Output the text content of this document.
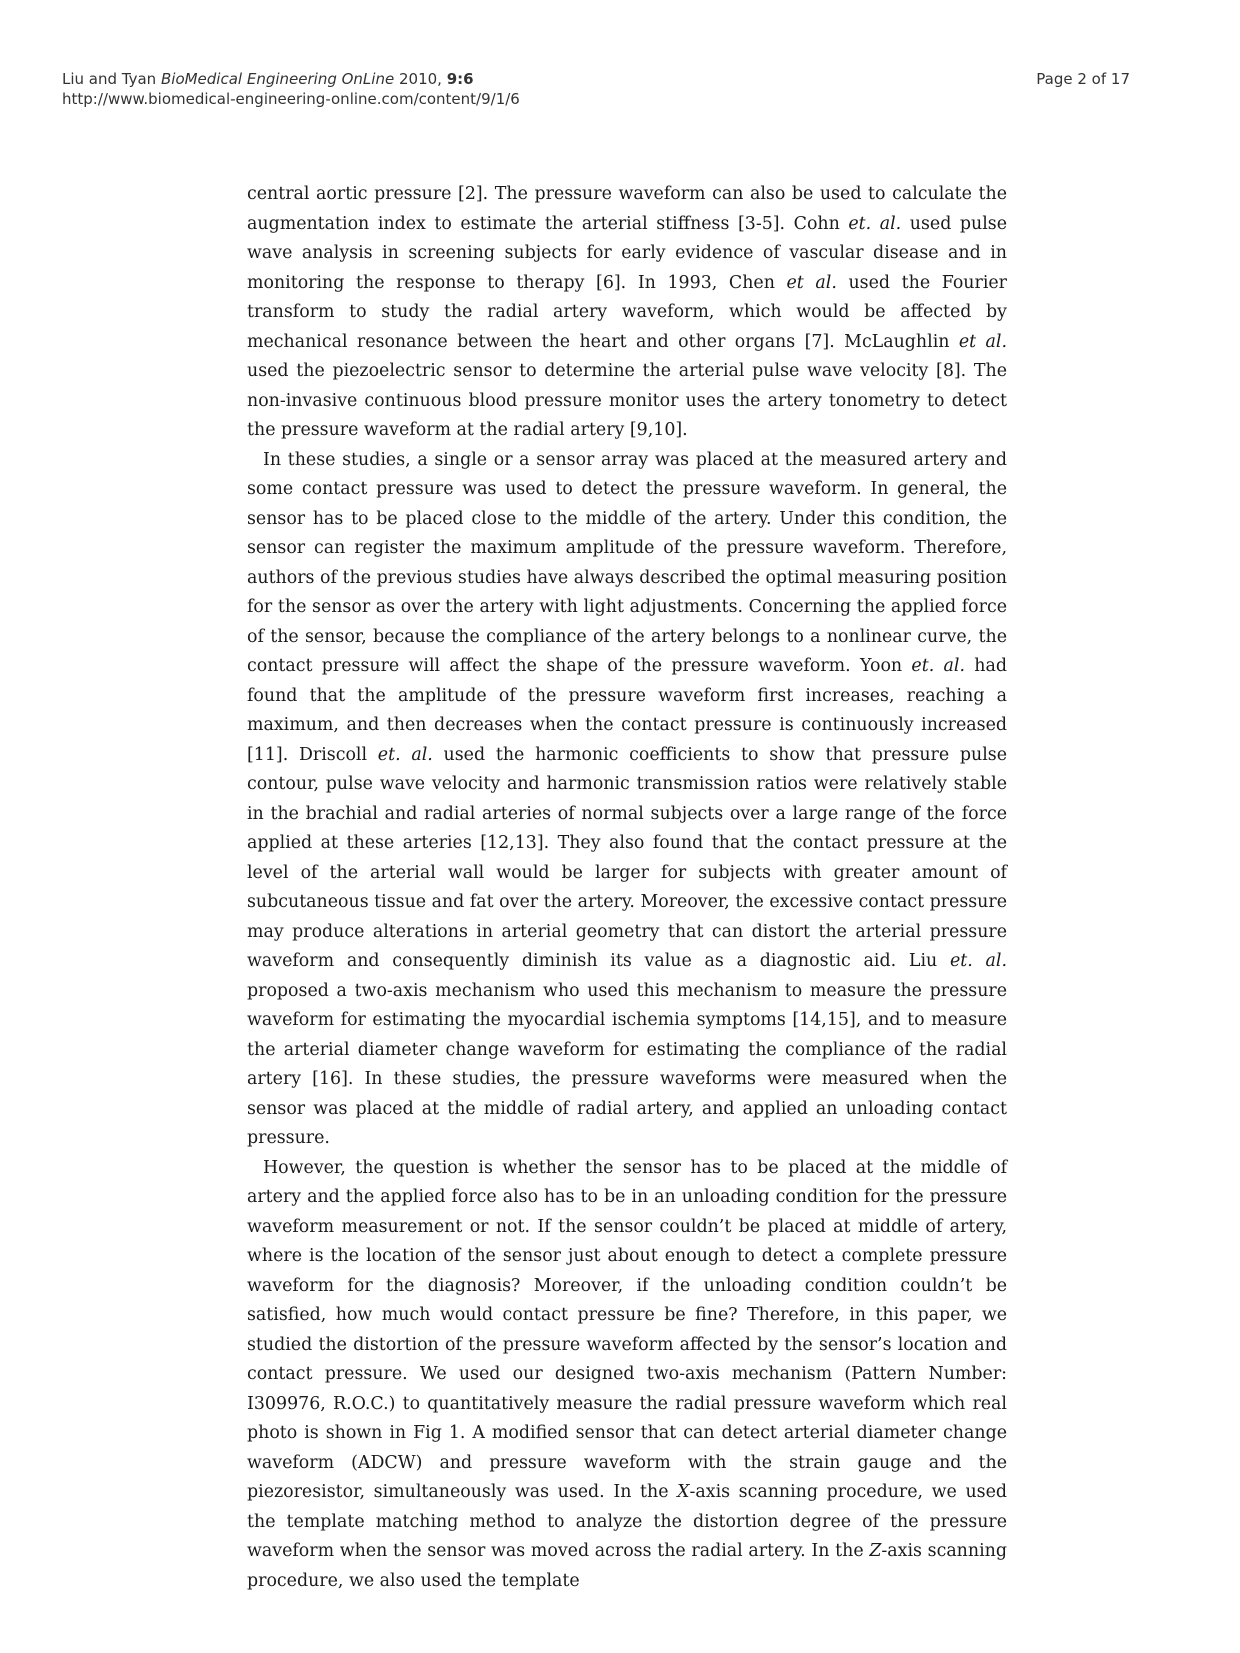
Liu and Tyan BioMedical Engineering OnLine 2010, 9:6
http://www.biomedical-engineering-online.com/content/9/1/6
Page 2 of 17

central aortic pressure [2]. The pressure waveform can also be used to calculate the augmentation index to estimate the arterial stiffness [3-5]. Cohn et. al. used pulse wave analysis in screening subjects for early evidence of vascular disease and in monitoring the response to therapy [6]. In 1993, Chen et al. used the Fourier transform to study the radial artery waveform, which would be affected by mechanical resonance between the heart and other organs [7]. McLaughlin et al. used the piezoelectric sensor to determine the arterial pulse wave velocity [8]. The non-invasive continuous blood pressure monitor uses the artery tonometry to detect the pressure waveform at the radial artery [9,10].

In these studies, a single or a sensor array was placed at the measured artery and some contact pressure was used to detect the pressure waveform. In general, the sensor has to be placed close to the middle of the artery. Under this condition, the sensor can register the maximum amplitude of the pressure waveform. Therefore, authors of the previous studies have always described the optimal measuring position for the sensor as over the artery with light adjustments. Concerning the applied force of the sensor, because the compliance of the artery belongs to a nonlinear curve, the contact pressure will affect the shape of the pressure waveform. Yoon et. al. had found that the amplitude of the pressure waveform first increases, reaching a maximum, and then decreases when the contact pressure is continuously increased [11]. Driscoll et. al. used the harmonic coefficients to show that pressure pulse contour, pulse wave velocity and harmonic transmission ratios were relatively stable in the brachial and radial arteries of normal subjects over a large range of the force applied at these arteries [12,13]. They also found that the contact pressure at the level of the arterial wall would be larger for subjects with greater amount of subcutaneous tissue and fat over the artery. Moreover, the excessive contact pressure may produce alterations in arterial geometry that can distort the arterial pressure waveform and consequently diminish its value as a diagnostic aid. Liu et. al. proposed a two-axis mechanism who used this mechanism to measure the pressure waveform for estimating the myocardial ischemia symptoms [14,15], and to measure the arterial diameter change waveform for estimating the compliance of the radial artery [16]. In these studies, the pressure waveforms were measured when the sensor was placed at the middle of radial artery, and applied an unloading contact pressure.

However, the question is whether the sensor has to be placed at the middle of artery and the applied force also has to be in an unloading condition for the pressure waveform measurement or not. If the sensor couldn’t be placed at middle of artery, where is the location of the sensor just about enough to detect a complete pressure waveform for the diagnosis? Moreover, if the unloading condition couldn’t be satisfied, how much would contact pressure be fine? Therefore, in this paper, we studied the distortion of the pressure waveform affected by the sensor’s location and contact pressure. We used our designed two-axis mechanism (Pattern Number: I309976, R.O.C.) to quantitatively measure the radial pressure waveform which real photo is shown in Fig 1. A modified sensor that can detect arterial diameter change waveform (ADCW) and pressure waveform with the strain gauge and the piezoresistor, simultaneously was used. In the X-axis scanning procedure, we used the template matching method to analyze the distortion degree of the pressure waveform when the sensor was moved across the radial artery. In the Z-axis scanning procedure, we also used the template
